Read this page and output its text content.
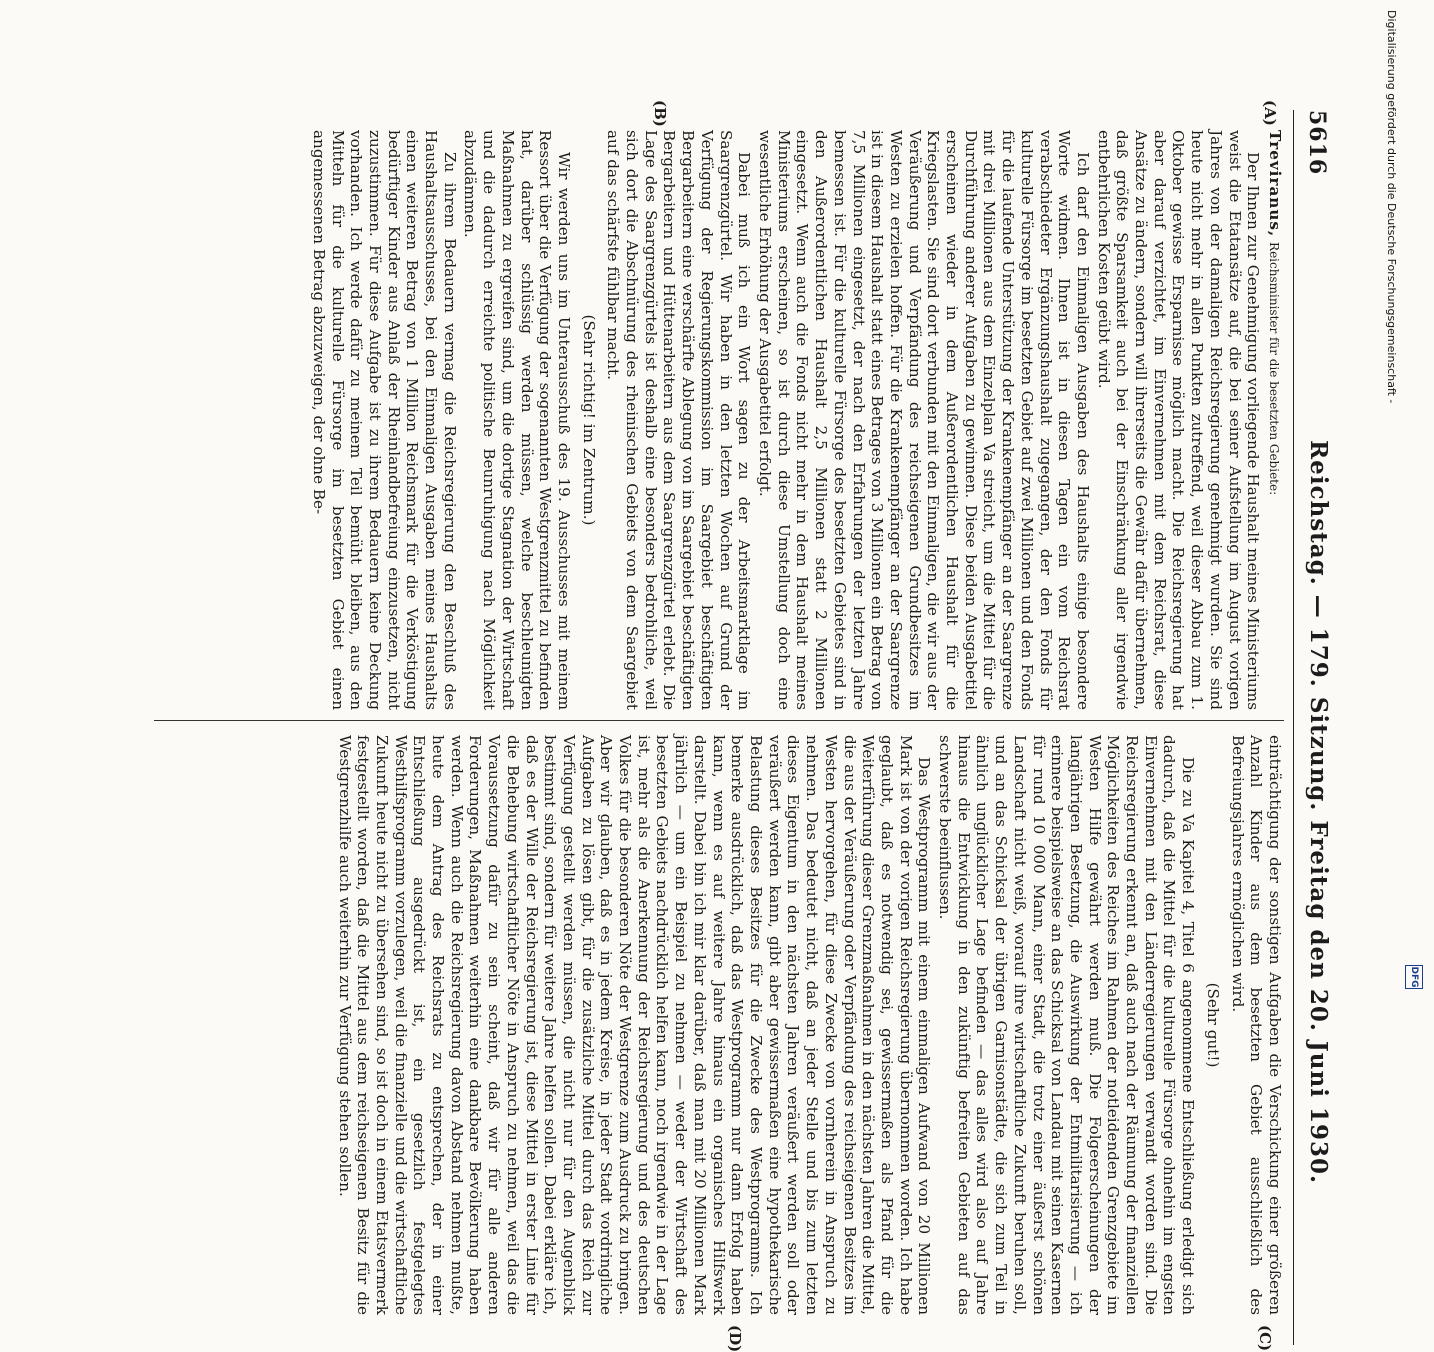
5616
Reichstag. — 179. Sitzung. Freitag den 20. Juni 1930.
(A)
(B)
(C)
(D)

Treviranus, Reichsminister für die besetzten Gebiete:

Der Ihnen zur Genehmigung vorliegende Haushalt meines Ministeriums weist die Etatansätze auf, die bei seiner Aufstellung im August vorigen Jahres von der damaligen Reichsregierung genehmigt wurden. Sie sind heute nicht mehr in allen Punkten zutreffend, weil dieser Abbau zum 1. Oktober gewisse Ersparnisse möglich macht. Die Reichsregierung hat aber darauf verzichtet, im Einvernehmen mit dem Reichsrat, diese Ansätze zu ändern, sondern will ihrerseits die Gewähr dafür übernehmen, daß größte Sparsamkeit auch bei der Einschränkung aller irgendwie entbehrlichen Kosten geübt wird.

Ich darf den Einmaligen Ausgaben des Haushalts einige besondere Worte widmen. Ihnen ist in diesen Tagen ein vom Reichsrat verabschiedeter Ergänzungshaushalt zugegangen, der den Fonds für kulturelle Fürsorge im besetzten Gebiet auf zwei Millionen und den Fonds für die laufende Unterstützung der Krankenempfänger an der Saargrenze mit drei Millionen aus dem Einzelplan Va streicht, um die Mittel für die Durchführung anderer Aufgaben zu gewinnen. Diese beiden Ausgabetitel erscheinen wieder in dem Außerordentlichen Haushalt für die Kriegslasten. Sie sind dort verbunden mit den Einmaligen, die wir aus der Veräußerung und Verpfändung des reichseigenen Grundbesitzes im Westen zu erzielen hoffen. Für die Krankenempfänger an der Saargrenze ist in diesem Haushalt statt eines Betrages von 3 Millionen ein Betrag von 7,5 Millionen eingesetzt, der nach den Erfahrungen der letzten Jahre bemessen ist. Für die kulturelle Fürsorge des besetzten Gebietes sind in den Außerordentlichen Haushalt 2,5 Millionen statt 2 Millionen eingesetzt. Wenn auch die Fonds nicht mehr in dem Haushalt meines Ministeriums erscheinen, so ist durch diese Umstellung doch eine wesentliche Erhöhung der Ausgabetitel erfolgt.

Dabei muß ich ein Wort sagen zu der Arbeitsmarktlage im Saargrenzgürtel. Wir haben in den letzten Wochen auf Grund der Verfügung der Regierungskommission im Saargebiet beschäftigten Bergarbeitern eine verschärfte Ablegung von im Saargebiet beschäftigten Bergarbeitern und Hüttenarbeitern aus dem Saargrenzgürtel erlebt. Die Lage des Saargrenzgürtels ist deshalb eine besonders bedrohliche, weil sich dort die Abschnürung des rheinischen Gebiets von dem Saargebiet auf das schärfste fühlbar macht.

(Sehr richtig! im Zentrum.)

Wir werden uns im Unterausschuß des 19. Ausschusses mit meinem Ressort über die Verfügung der sogenannten Westgrenzmittel zu befinden hat, darüber schlüssig werden müssen, welche beschleunigten Maßnahmen zu ergreifen sind, um die dortige Stagnation der Wirtschaft und die dadurch erreichte politische Beunruhigung nach Möglichkeit abzudämmen.

Zu ihrem Bedauern vermag die Reichsregierung den Beschluß des Haushaltsausschusses, bei den Einmaligen Ausgaben meines Haushalts einen weiteren Betrag von 1 Million Reichsmark für die Verköstigung bedürftiger Kinder aus Anlaß der Rheinlandbefreiung einzusetzen, nicht zuzustimmen. Für diese Aufgabe ist zu ihrem Bedauern keine Deckung vorhanden. Ich werde dafür zu meinem Teil bemüht bleiben, aus den Mitteln für die kulturelle Fürsorge im besetzten Gebiet einen angemessenen Betrag abzuzweigen, der ohne Be-

einträchtigung der sonstigen Aufgaben die Verschickung einer größeren Anzahl Kinder aus dem besetzten Gebiet ausschließlich des Befreiungsjahres ermöglichen wird.

(Sehr gut!)

Die zu Va Kapitel 4, Titel 6 angenommene Entschließung erledigt sich dadurch, daß die Mittel für die kulturelle Fürsorge ohnehin im engsten Einvernehmen mit den Länderregierungen verwandt worden sind. Die Reichsregierung erkennt an, daß auch nach der Räumung der finanziellen Möglichkeiten des Reiches im Rahmen der notleidenden Grenzgebiete im Westen Hilfe gewährt werden muß. Die Folgeerscheinungen der langjährigen Besetzung, die Auswirkung der Entmilitarisierung — ich erinnere beispielsweise an das Schicksal von Landau mit seinen Kasernen für rund 10 000 Mann, einer Stadt, die trotz einer äußerst schönen Landschaft nicht weiß, worauf ihre wirtschaftliche Zukunft beruhen soll, und an das Schicksal der übrigen Garnisonstädte, die sich zum Teil in ähnlich unglücklicher Lage befinden — das alles wird also auf Jahre hinaus die Entwicklung in den zukünftig befreiten Gebieten auf das schwerste beeinflussen.

Das Westprogramm mit einem einmaligen Aufwand von 20 Millionen Mark ist von der vorigen Reichsregierung übernommen worden. Ich habe geglaubt, daß es notwendig sei, gewissermaßen als Pfand für die Weiterführung dieser Grenzmaßnahmen in den nächsten Jahren die Mittel, die aus der Veräußerung oder Verpfändung des reichseigenen Besitzes im Westen hervorgehen, für diese Zwecke von vornherein in Anspruch zu nehmen. Das bedeutet nicht, daß an jeder Stelle und bis zum letzten dieses Eigentum in den nächsten Jahren veräußert werden soll oder veräußert werden kann, gibt aber gewissermaßen eine hypothekarische Belastung dieses Besitzes für die Zwecke des Westprogramms. Ich bemerke ausdrücklich, daß das Westprogramm nur dann Erfolg haben kann, wenn es auf weitere Jahre hinaus ein organisches Hilfswerk darstellt. Dabei bin ich mir klar darüber, daß man mit 20 Millionen Mark jährlich — um ein Beispiel zu nehmen — weder der Wirtschaft des besetzten Gebiets nachdrücklich helfen kann, noch irgendwie in der Lage ist, mehr als die Anerkennung der Reichsregierung und des deutschen Volkes für die besonderen Nöte der Westgrenze zum Ausdruck zu bringen. Aber wir glauben, daß es in jedem Kreise, in jeder Stadt vordringliche Aufgaben zu lösen gibt, für die zusätzliche Mittel durch das Reich zur Verfügung gestellt werden müssen, die nicht nur für den Augenblick bestimmt sind, sondern für weitere Jahre helfen sollen. Dabei erkläre ich, daß es der Wille der Reichsregierung ist, diese Mittel in erster Linie für die Behebung wirtschaftlicher Nöte in Anspruch zu nehmen, weil das die Voraussetzung dafür zu sein scheint, daß wir für alle anderen Forderungen, Maßnahmen weiterhin eine dankbare Bevölkerung haben werden. Wenn auch die Reichsregierung davon Abstand nehmen mußte, heute dem Antrag des Reichsrats zu entsprechen, der in einer Entschließung ausgedrückt ist, ein gesetzlich festgelegtes Westhilfsprogramm vorzulegen, weil die finanzielle und die wirtschaftliche Zukunft heute nicht zu übersehen sind, so ist doch in einem Etatsvermerk festgestellt worden, daß die Mittel aus dem reichseigenen Besitz für die Westgrenzhilfe auch weiterhin zur Verfügung stehen sollen.

Digitalisierung gefördert durch die Deutsche Forschungsgemeinschaft -
DFG
